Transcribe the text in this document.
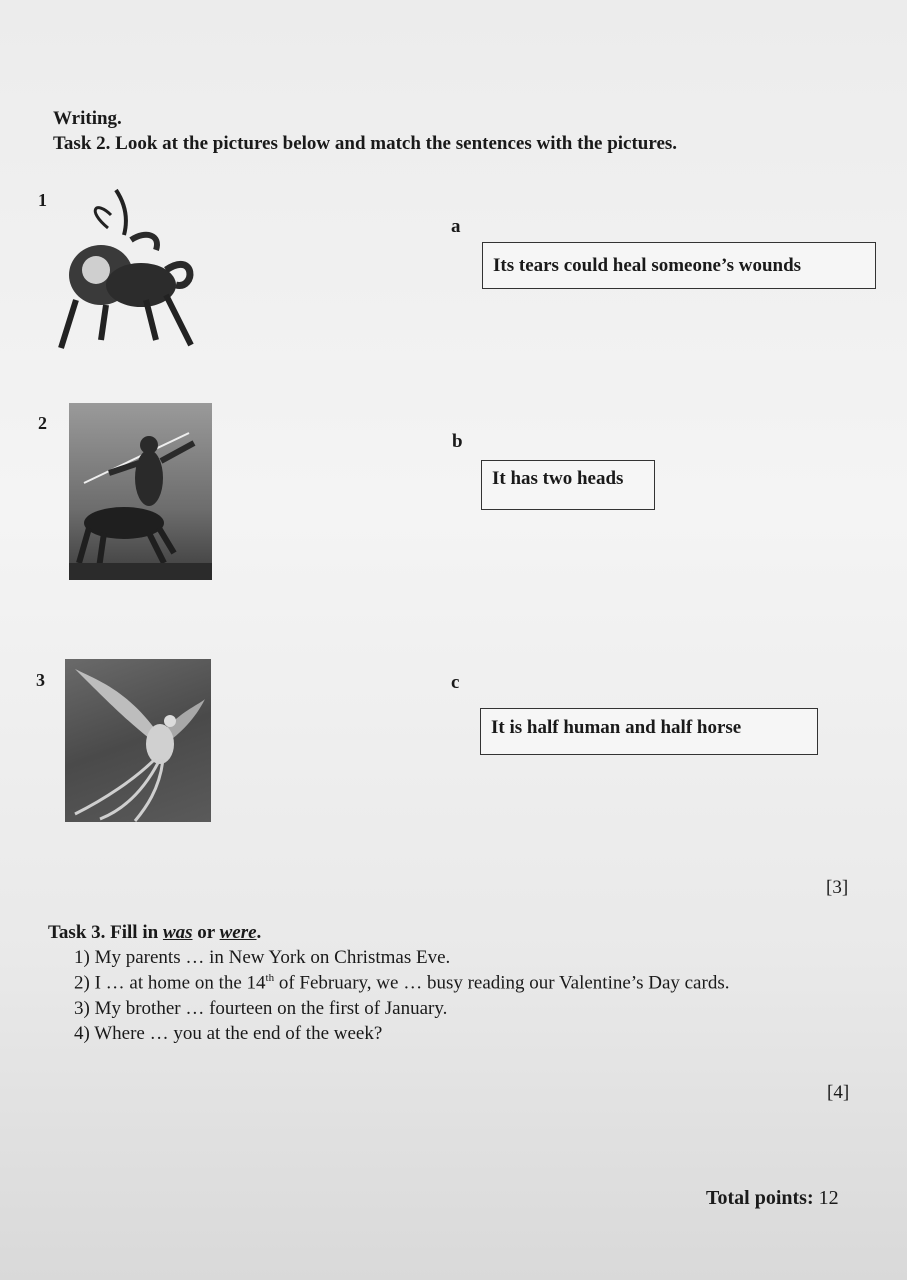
Writing.
Task 2. Look at the pictures below and match the sentences with the pictures.
1
2
3
a
Its tears could heal someone’s wounds
b
It has two heads
c
It is half human and half horse
[3]
Task 3. Fill in was or were.
1) My parents … in New York on Christmas Eve.
2) I … at home on the 14th of February, we … busy reading our Valentine’s Day cards.
3) My brother … fourteen on the first of January.
4) Where … you at the end of the week?
[4]
Total points: 12
